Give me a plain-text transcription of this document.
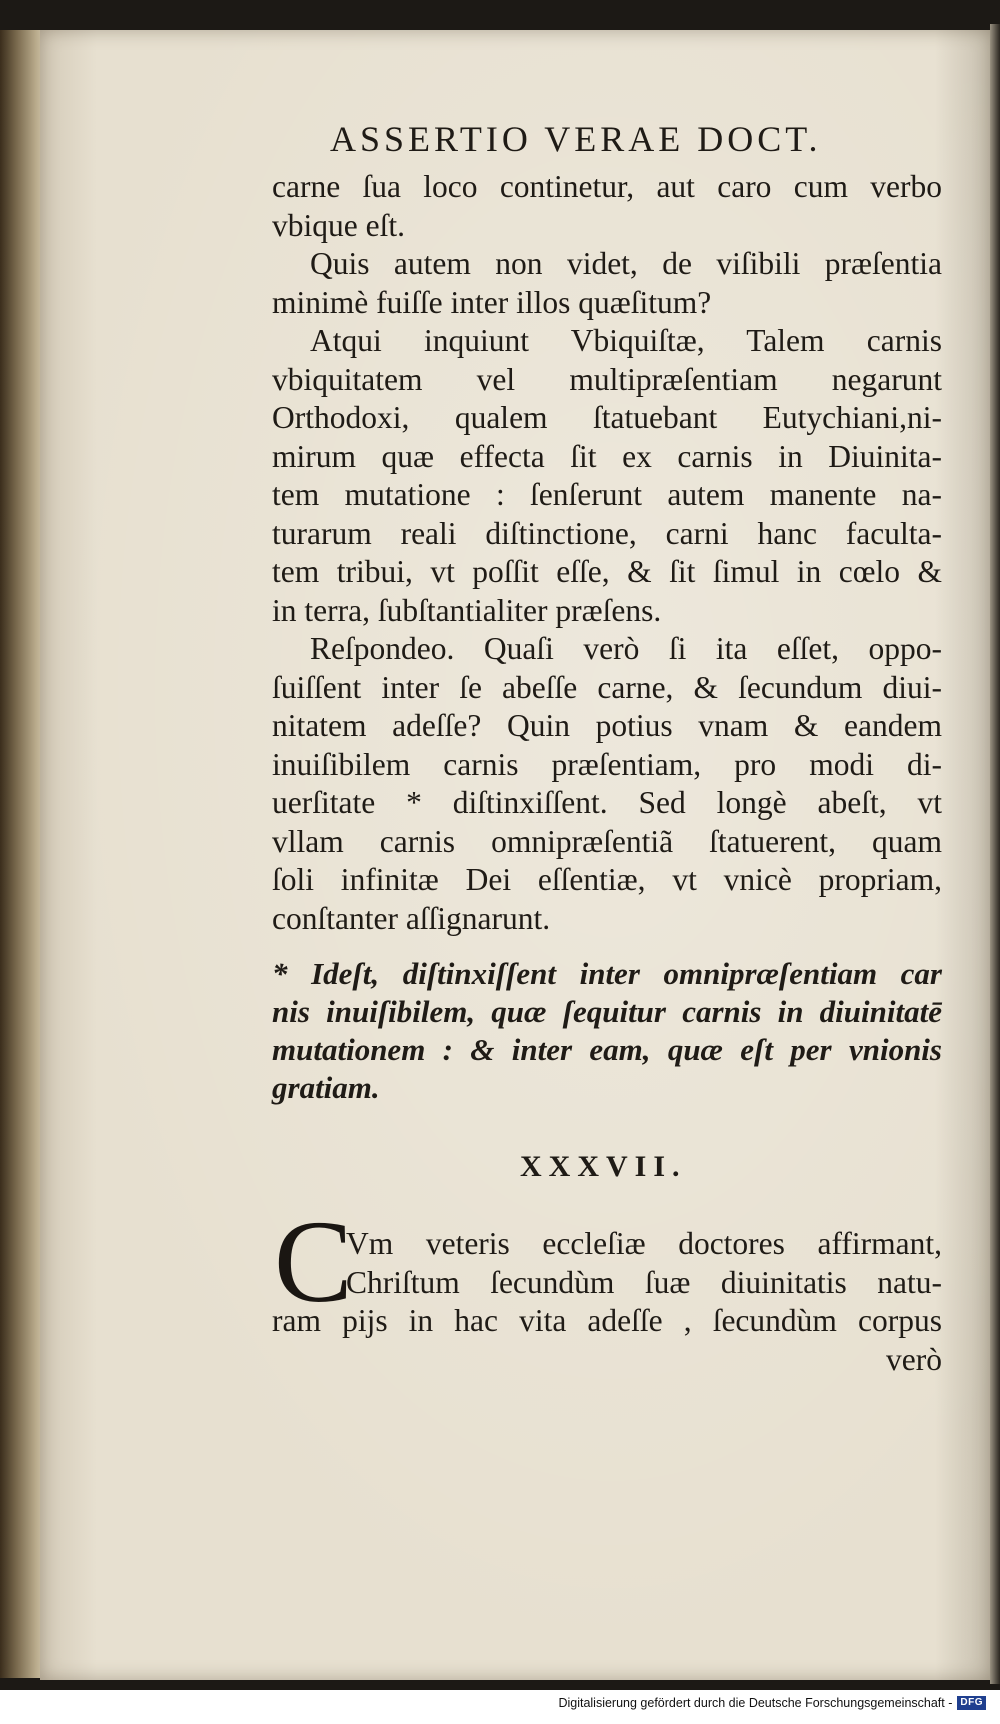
ASSERTIO VERAE DOCT.
carne ſua loco continetur, aut caro cum verbo
vbique eſt.
Quis autem non videt, de viſibili præſentia
minimè fuiſſe inter illos quæſitum?
Atqui inquiunt Vbiquiſtæ, Talem carnis
vbiquitatem vel multipræſentiam negarunt
Orthodoxi, qualem ſtatuebant Eutychiani,ni-
mirum quæ effecta ſit ex carnis in Diuinita-
tem mutatione : ſenſerunt autem manente na-
turarum reali diſtinctione, carni hanc faculta-
tem tribui, vt poſſit eſſe, & ſit ſimul in cœlo &
in terra, ſubſtantialiter præſens.
Reſpondeo. Quaſi verò ſi ita eſſet, oppo-
ſuiſſent inter ſe abeſſe carne, & ſecundum diui-
nitatem adeſſe? Quin potius vnam & eandem
inuiſibilem carnis præſentiam, pro modi di-
uerſitate * diſtinxiſſent. Sed longè abeſt, vt
vllam carnis omnipræſentiã ſtatuerent, quam
ſoli infinitæ Dei eſſentiæ, vt vnicè propriam,
conſtanter aſſignarunt.
* Ideſt, diſtinxiſſent inter omnipræſentiam car
nis inuiſibilem, quæ ſequitur carnis in diuinitatē
mutationem : & inter eam, quæ eſt per vnionis
gratiam.
XXXVII.
C
Vm veteris eccleſiæ doctores affirmant,
Chriſtum ſecundùm ſuæ diuinitatis natu-
ram pijs in hac vita adeſſe , ſecundùm corpus
verò
Digitalisierung gefördert durch die Deutsche Forschungsgemeinschaft - DFG
